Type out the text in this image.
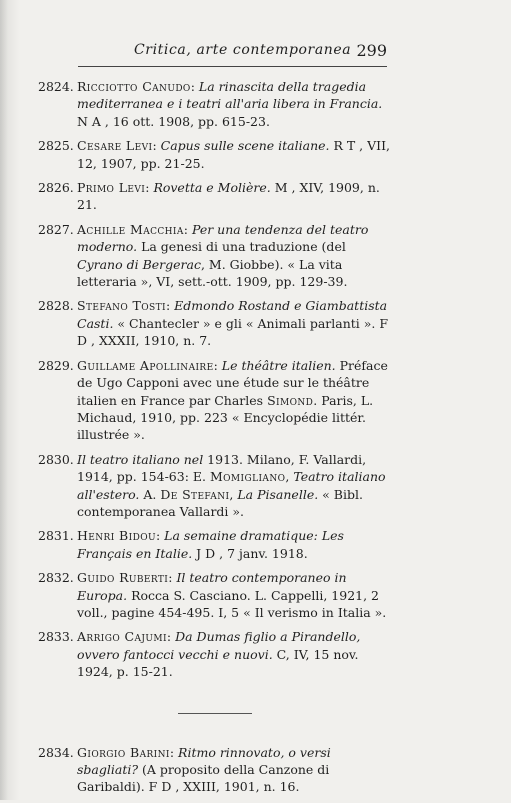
Critica, arte contemporanea 299
2824. Ricciotto Canudo: La rinascita della tragedia mediterranea e i teatri all'aria libera in Francia. N A , 16 ott. 1908, pp. 615-23.
2825. Cesare Levi: Capus sulle scene italiane. R T , VII, 12, 1907, pp. 21-25.
2826. Primo Levi: Rovetta e Molière. M , XIV, 1909, n. 21.
2827. Achille Macchia: Per una tendenza del teatro moderno. La genesi di una traduzione (del Cyrano di Bergerac, M. Giobbe). « La vita letteraria », VI, sett.-ott. 1909, pp. 129-39.
2828. Stefano Tosti: Edmondo Rostand e Giambattista Casti. « Chantecler » e gli « Animali parlanti ». F D , XXXII, 1910, n. 7.
2829. Guillame Apollinaire: Le théâtre italien. Préface de Ugo Capponi avec une étude sur le théâtre italien en France par Charles Simond. Paris, L. Michaud, 1910, pp. 223 « Encyclopédie littér. illustrée ».
2830. Il teatro italiano nel 1913. Milano, F. Vallardi, 1914, pp. 154-63: E. Momigliano, Teatro italiano all'estero. A. De Stefani, La Pisanelle. « Bibl. contemporanea Vallardi ».
2831. Henri Bidou: La semaine dramatique: Les Français en Italie. J D , 7 janv. 1918.
2832. Guido Ruberti: Il teatro contemporaneo in Europa. Rocca S. Casciano. L. Cappelli, 1921, 2 voll., pagine 454-495. I, 5 « Il verismo in Italia ».
2833. Arrigo Cajumi: Da Dumas figlio a Pirandello, ovvero fantocci vecchi e nuovi. C, IV, 15 nov. 1924, p. 15-21.
2834. Giorgio Barini: Ritmo rinnovato, o versi sbagliati? (A proposito della Canzone di Garibaldi). F D , XXIII, 1901, n. 16.
